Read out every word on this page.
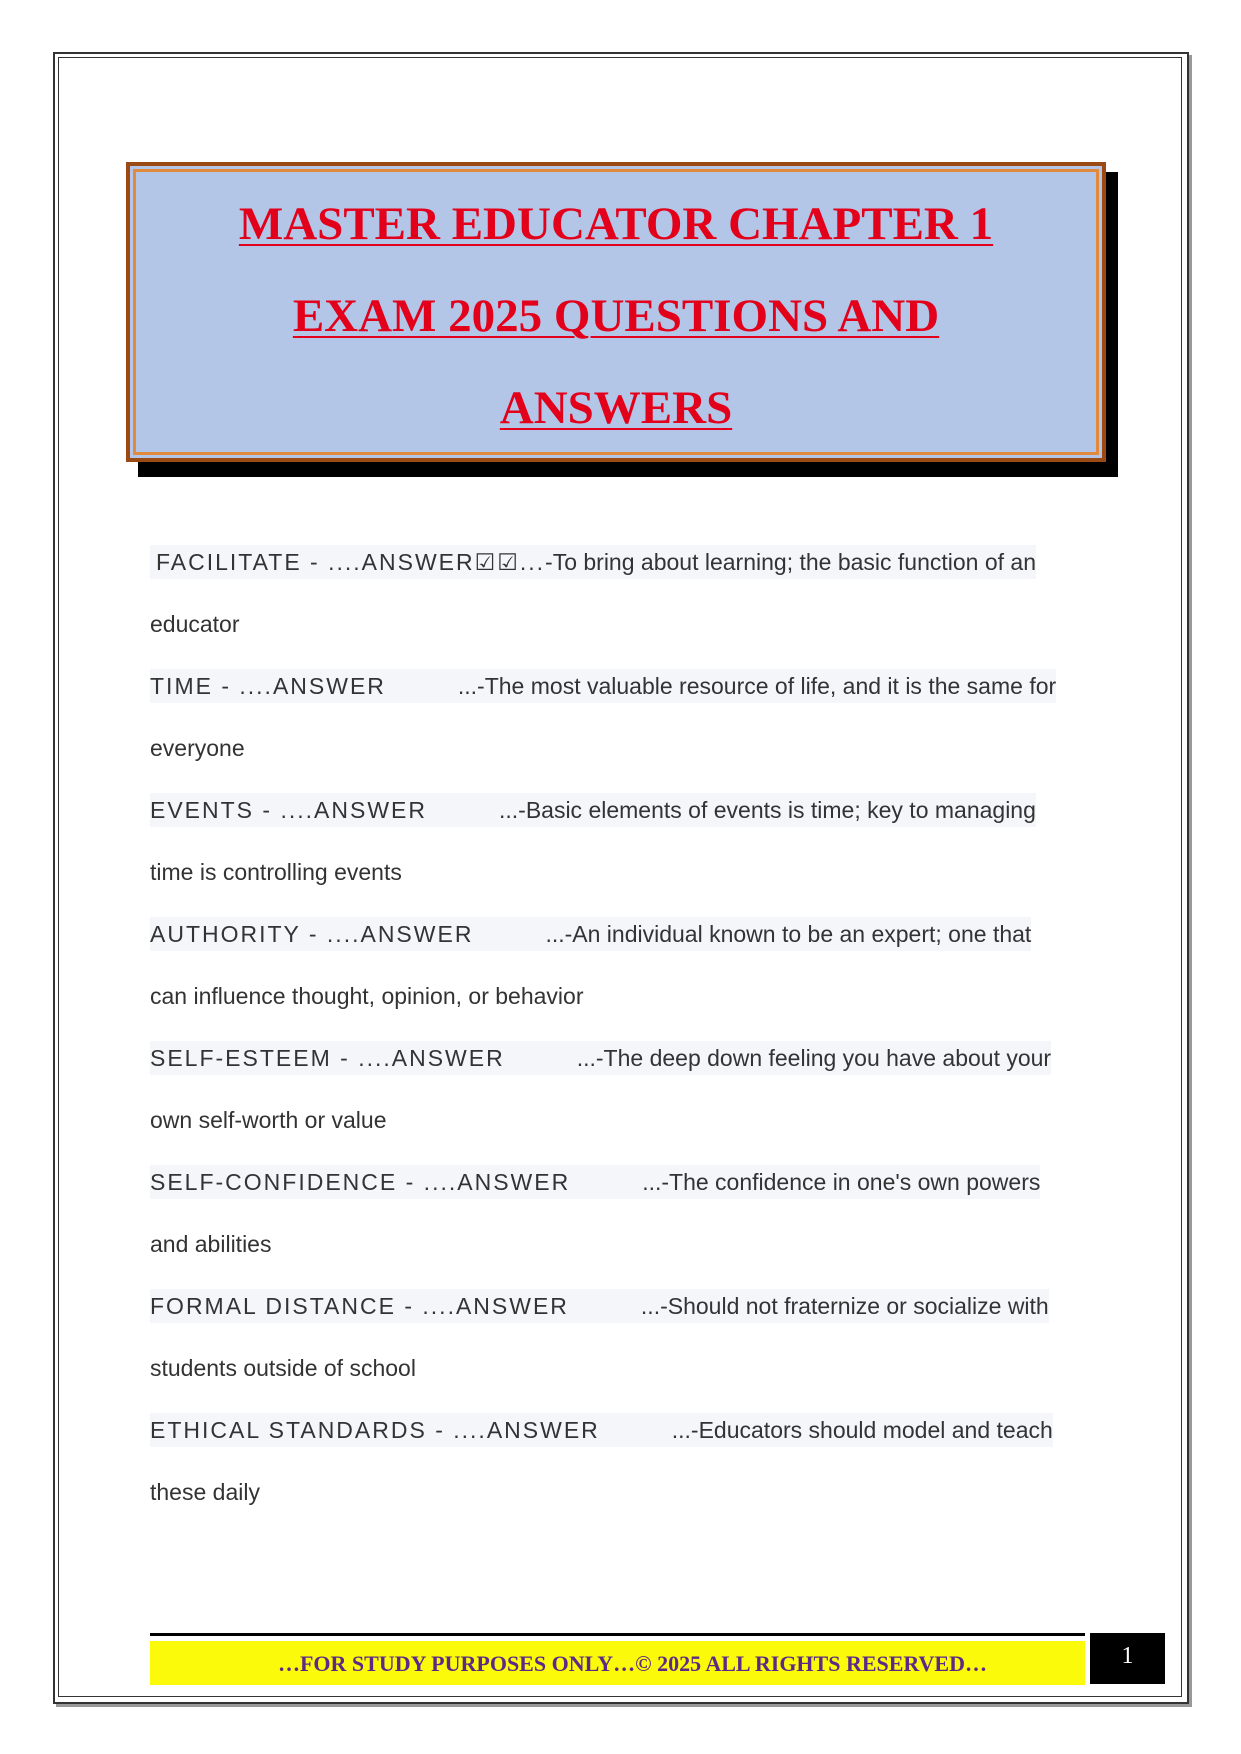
MASTER EDUCATOR CHAPTER 1
EXAM 2025 QUESTIONS AND
ANSWERS
FACILITATE - ....ANSWER☑☑...-To bring about learning; the basic function of an
educator
TIME - ....ANSWER	...-The most valuable resource of life, and it is the same for
everyone
EVENTS - ....ANSWER	...-Basic elements of events is time; key to managing
time is controlling events
AUTHORITY - ....ANSWER	...-An individual known to be an expert; one that
can influence thought, opinion, or behavior
SELF-ESTEEM - ....ANSWER	...-The deep down feeling you have about your
own self-worth or value
SELF-CONFIDENCE - ....ANSWER	...-The confidence in one's own powers
and abilities
FORMAL DISTANCE - ....ANSWER	...-Should not fraternize or socialize with
students outside of school
ETHICAL STANDARDS - ....ANSWER	...-Educators should model and teach
these daily
…FOR STUDY PURPOSES ONLY…© 2025 ALL RIGHTS RESERVED…	1
